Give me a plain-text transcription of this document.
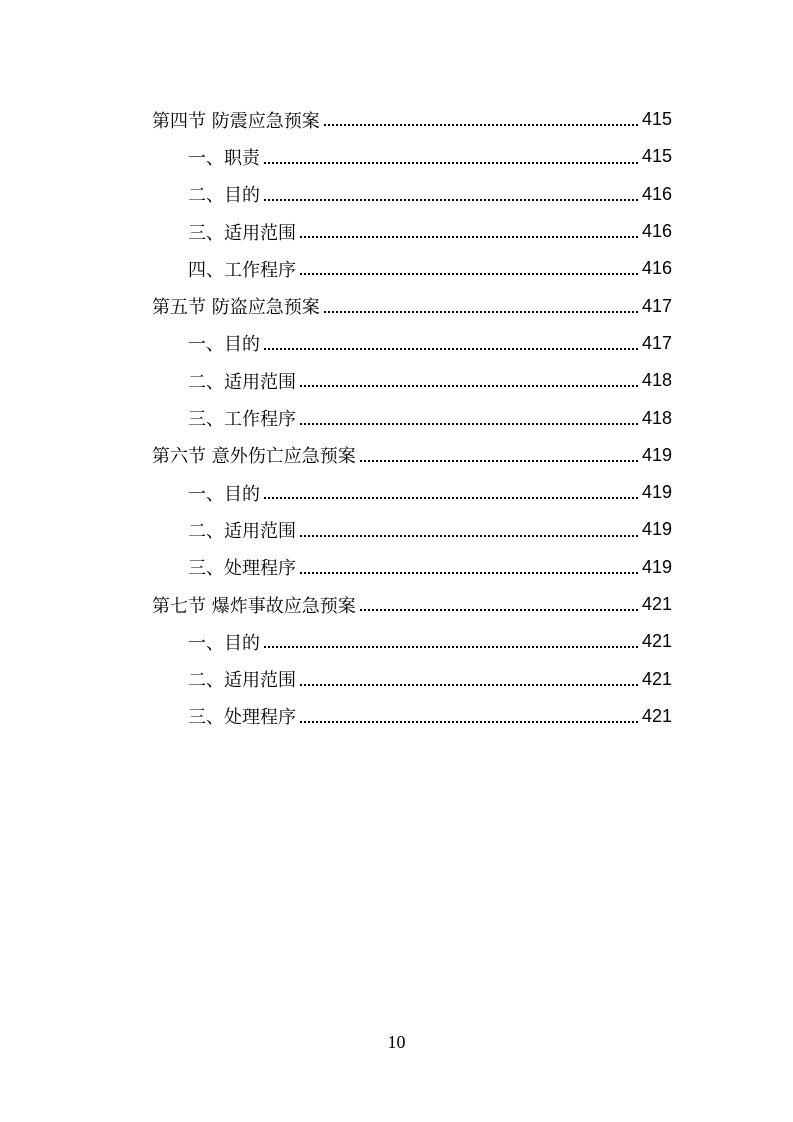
第四节 防震应急预案	415
一、职责	415
二、目的	416
三、适用范围	416
四、工作程序	416
第五节 防盗应急预案	417
一、目的	417
二、适用范围	418
三、工作程序	418
第六节 意外伤亡应急预案	419
一、目的	419
二、适用范围	419
三、处理程序	419
第七节 爆炸事故应急预案	421
一、目的	421
二、适用范围	421
三、处理程序	421
10
